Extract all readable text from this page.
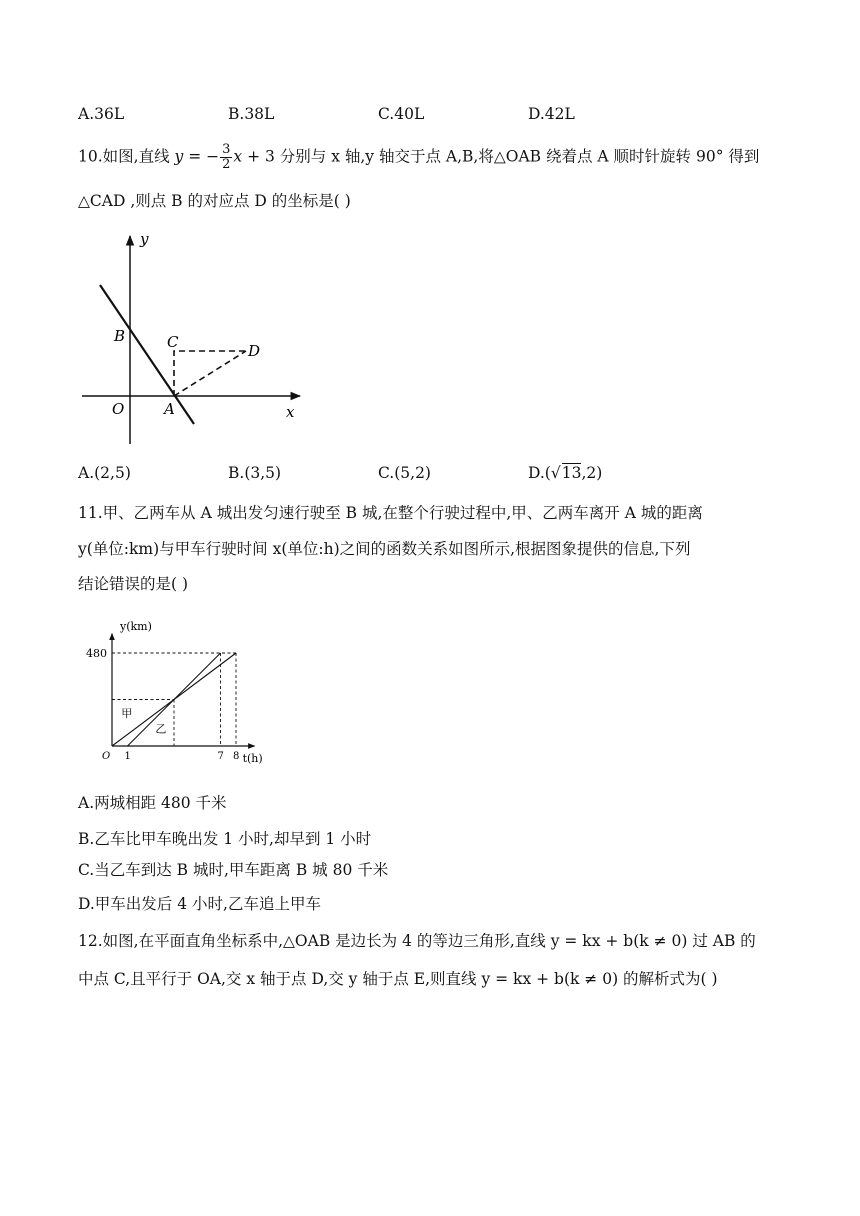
A.36L	B.38L	C.40L	D.42L
10.如图,直线 y = − $\frac{3}{2}$ x + 3 分别与 x 轴,y 轴交于点 A,B,将△OAB 绕着点 A 顺时针旋转 90° 得到
△CAD ,则点 B 的对应点 D 的坐标是( )
y
x
O	A
B	C	D
A.(2,5)	B.(3,5)	C.(5,2)	D.(√13,2)
11.甲、乙两车从 A 城出发匀速行驶至 B 城,在整个行驶过程中,甲、乙两车离开 A 城的距离
y(单位:km)与甲车行驶时间 x(单位:h)之间的函数关系如图所示,根据图象提供的信息,下列
结论错误的是( )
甲
乙
y(km)
t(h)
O 1	7 8
480
A.两城相距 480 千米
B.乙车比甲车晚出发 1 小时,却早到 1 小时
C.当乙车到达 B 城时,甲车距离 B 城 80 千米
D.甲车出发后 4 小时,乙车追上甲车
12.如图,在平面直角坐标系中,△OAB 是边长为 4 的等边三角形,直线 y = kx + b(k ≠ 0) 过 AB 的
中点 C,且平行于 OA,交 x 轴于点 D,交 y 轴于点 E,则直线 y = kx + b(k ≠ 0) 的解析式为( )
